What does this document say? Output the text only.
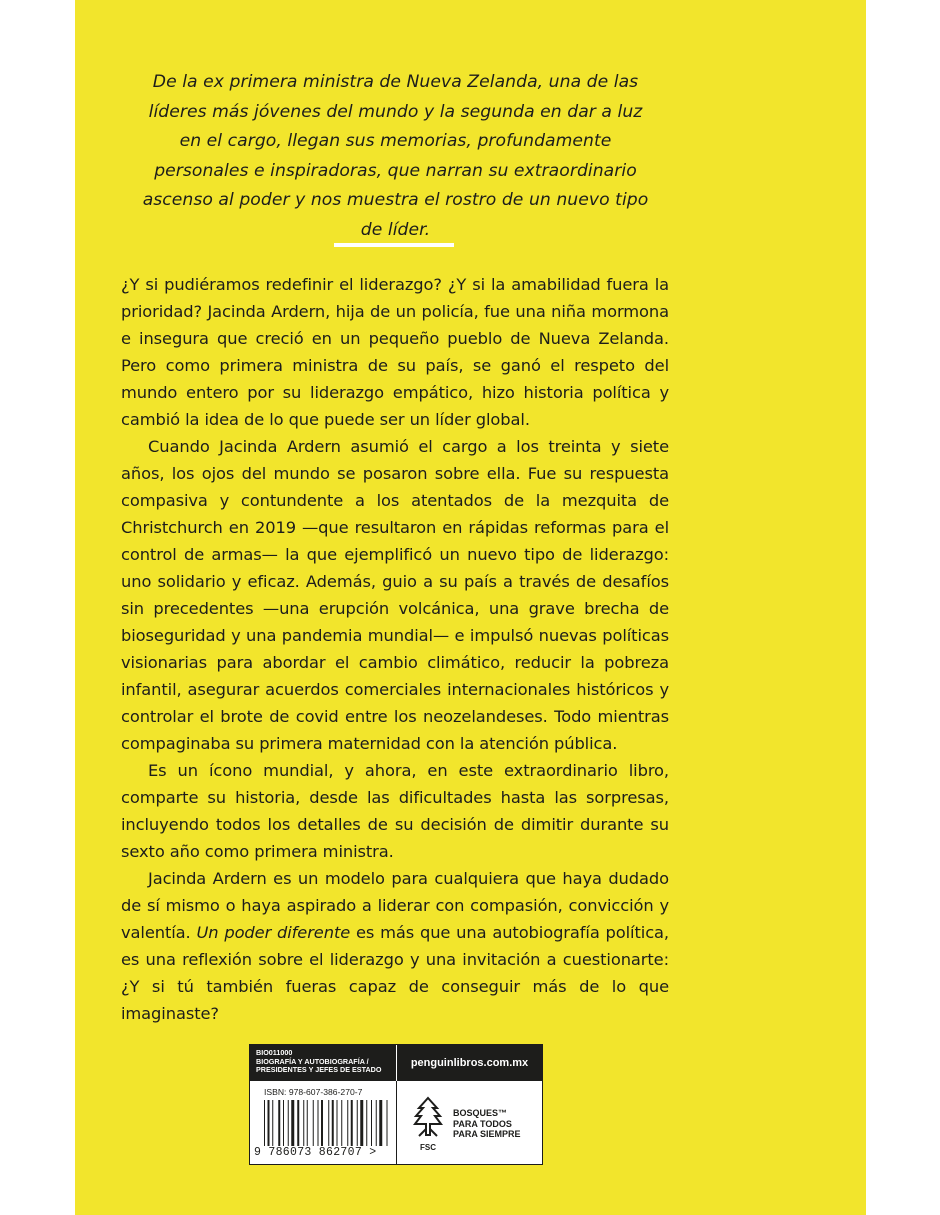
De la ex primera ministra de Nueva Zelanda, una de las líderes más jóvenes del mundo y la segunda en dar a luz en el cargo, llegan sus memorias, profundamente personales e inspiradoras, que narran su extraordinario ascenso al poder y nos muestra el rostro de un nuevo tipo de líder.

¿Y si pudiéramos redefinir el liderazgo? ¿Y si la amabilidad fuera la prioridad? Jacinda Ardern, hija de un policía, fue una niña mormona e insegura que creció en un pequeño pueblo de Nueva Zelanda. Pero como primera ministra de su país, se ganó el respeto del mundo entero por su liderazgo empático, hizo historia política y cambió la idea de lo que puede ser un líder global.

Cuando Jacinda Ardern asumió el cargo a los treinta y siete años, los ojos del mundo se posaron sobre ella. Fue su respuesta compasiva y contundente a los atentados de la mezquita de Christchurch en 2019 —que resultaron en rápidas reformas para el control de armas— la que ejemplificó un nuevo tipo de liderazgo: uno solidario y eficaz. Además, guio a su país a través de desafíos sin precedentes —una erupción volcánica, una grave brecha de bioseguridad y una pandemia mundial— e impulsó nuevas políticas visionarias para abordar el cambio climático, reducir la pobreza infantil, asegurar acuerdos comerciales internacionales históricos y controlar el brote de covid entre los neozelandeses. Todo mientras compaginaba su primera maternidad con la atención pública.

Es un ícono mundial, y ahora, en este extraordinario libro, comparte su historia, desde las dificultades hasta las sorpresas, incluyendo todos los detalles de su decisión de dimitir durante su sexto año como primera ministra.

Jacinda Ardern es un modelo para cualquiera que haya dudado de sí mismo o haya aspirado a liderar con compasión, convicción y valentía. Un poder diferente es más que una autobiografía política, es una reflexión sobre el liderazgo y una invitación a cuestionarte: ¿Y si tú también fueras capaz de conseguir más de lo que imaginaste?

BIO011000
BIOGRAFÍA Y AUTOBIOGRAFÍA /
PRESIDENTES Y JEFES DE ESTADO
penguinlibros.com.mx
ISBN: 978-607-386-270-7
9 786073 862707 >	FSC
BOSQUES™
PARA TODOS
PARA SIEMPRE
